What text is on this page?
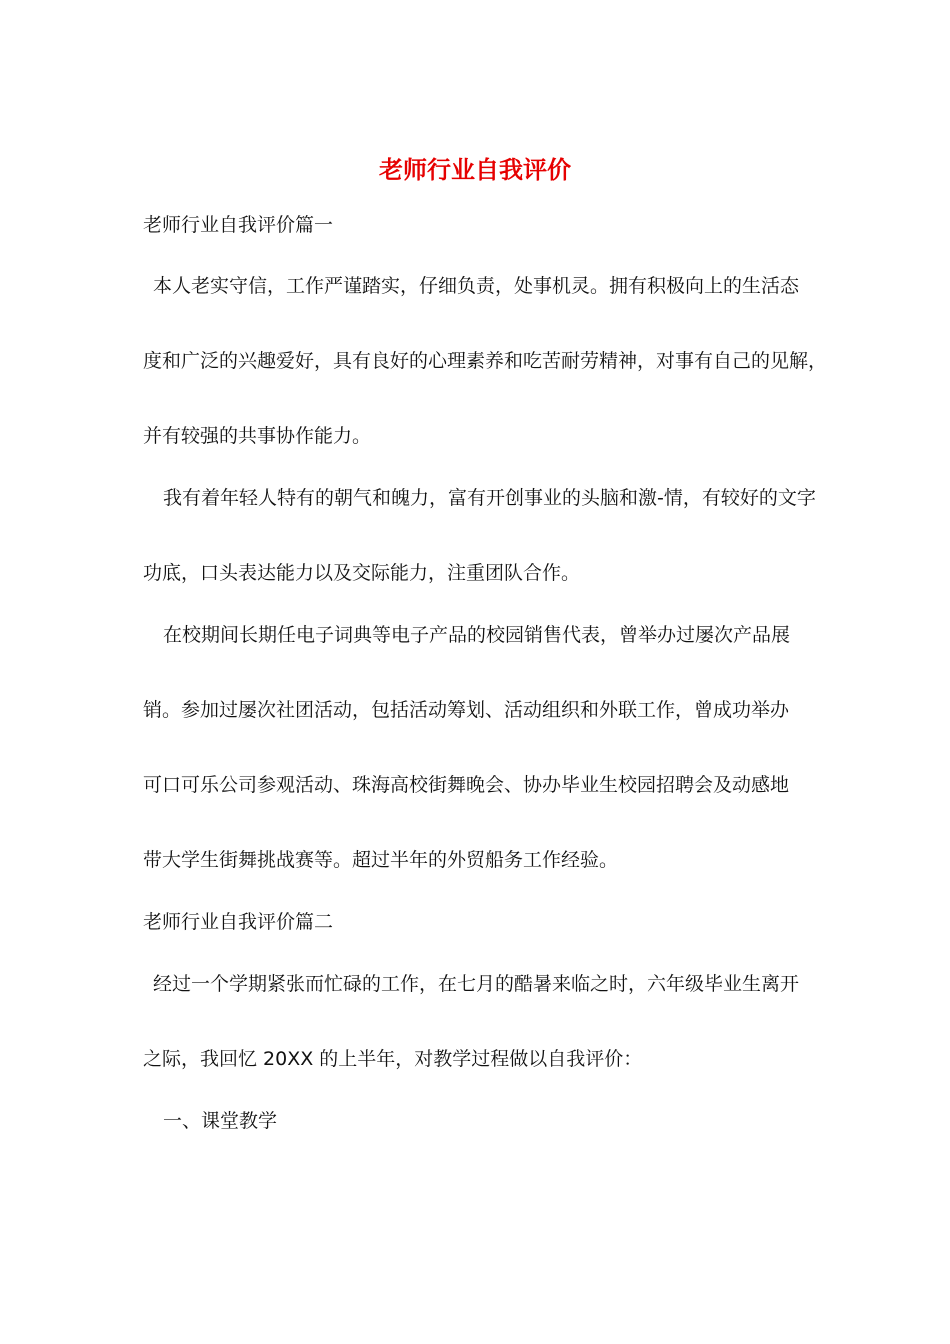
老师行业自我评价
老师行业自我评价篇一
本人老实守信，工作严谨踏实，仔细负责，处事机灵。拥有积极向上的生活态
度和广泛的兴趣爱好，具有良好的心理素养和吃苦耐劳精神，对事有自己的见解，
并有较强的共事协作能力。
我有着年轻人特有的朝气和魄力，富有开创事业的头脑和激-情，有较好的文字
功底，口头表达能力以及交际能力，注重团队合作。
在校期间长期任电子词典等电子产品的校园销售代表，曾举办过屡次产品展
销。参加过屡次社团活动，包括活动筹划、活动组织和外联工作，曾成功举办
可口可乐公司参观活动、珠海高校街舞晚会、协办毕业生校园招聘会及动感地
带大学生街舞挑战赛等。超过半年的外贸船务工作经验。
老师行业自我评价篇二
经过一个学期紧张而忙碌的工作，在七月的酷暑来临之时，六年级毕业生离开
之际，我回忆 20XX 的上半年，对教学过程做以自我评价：
一、课堂教学
